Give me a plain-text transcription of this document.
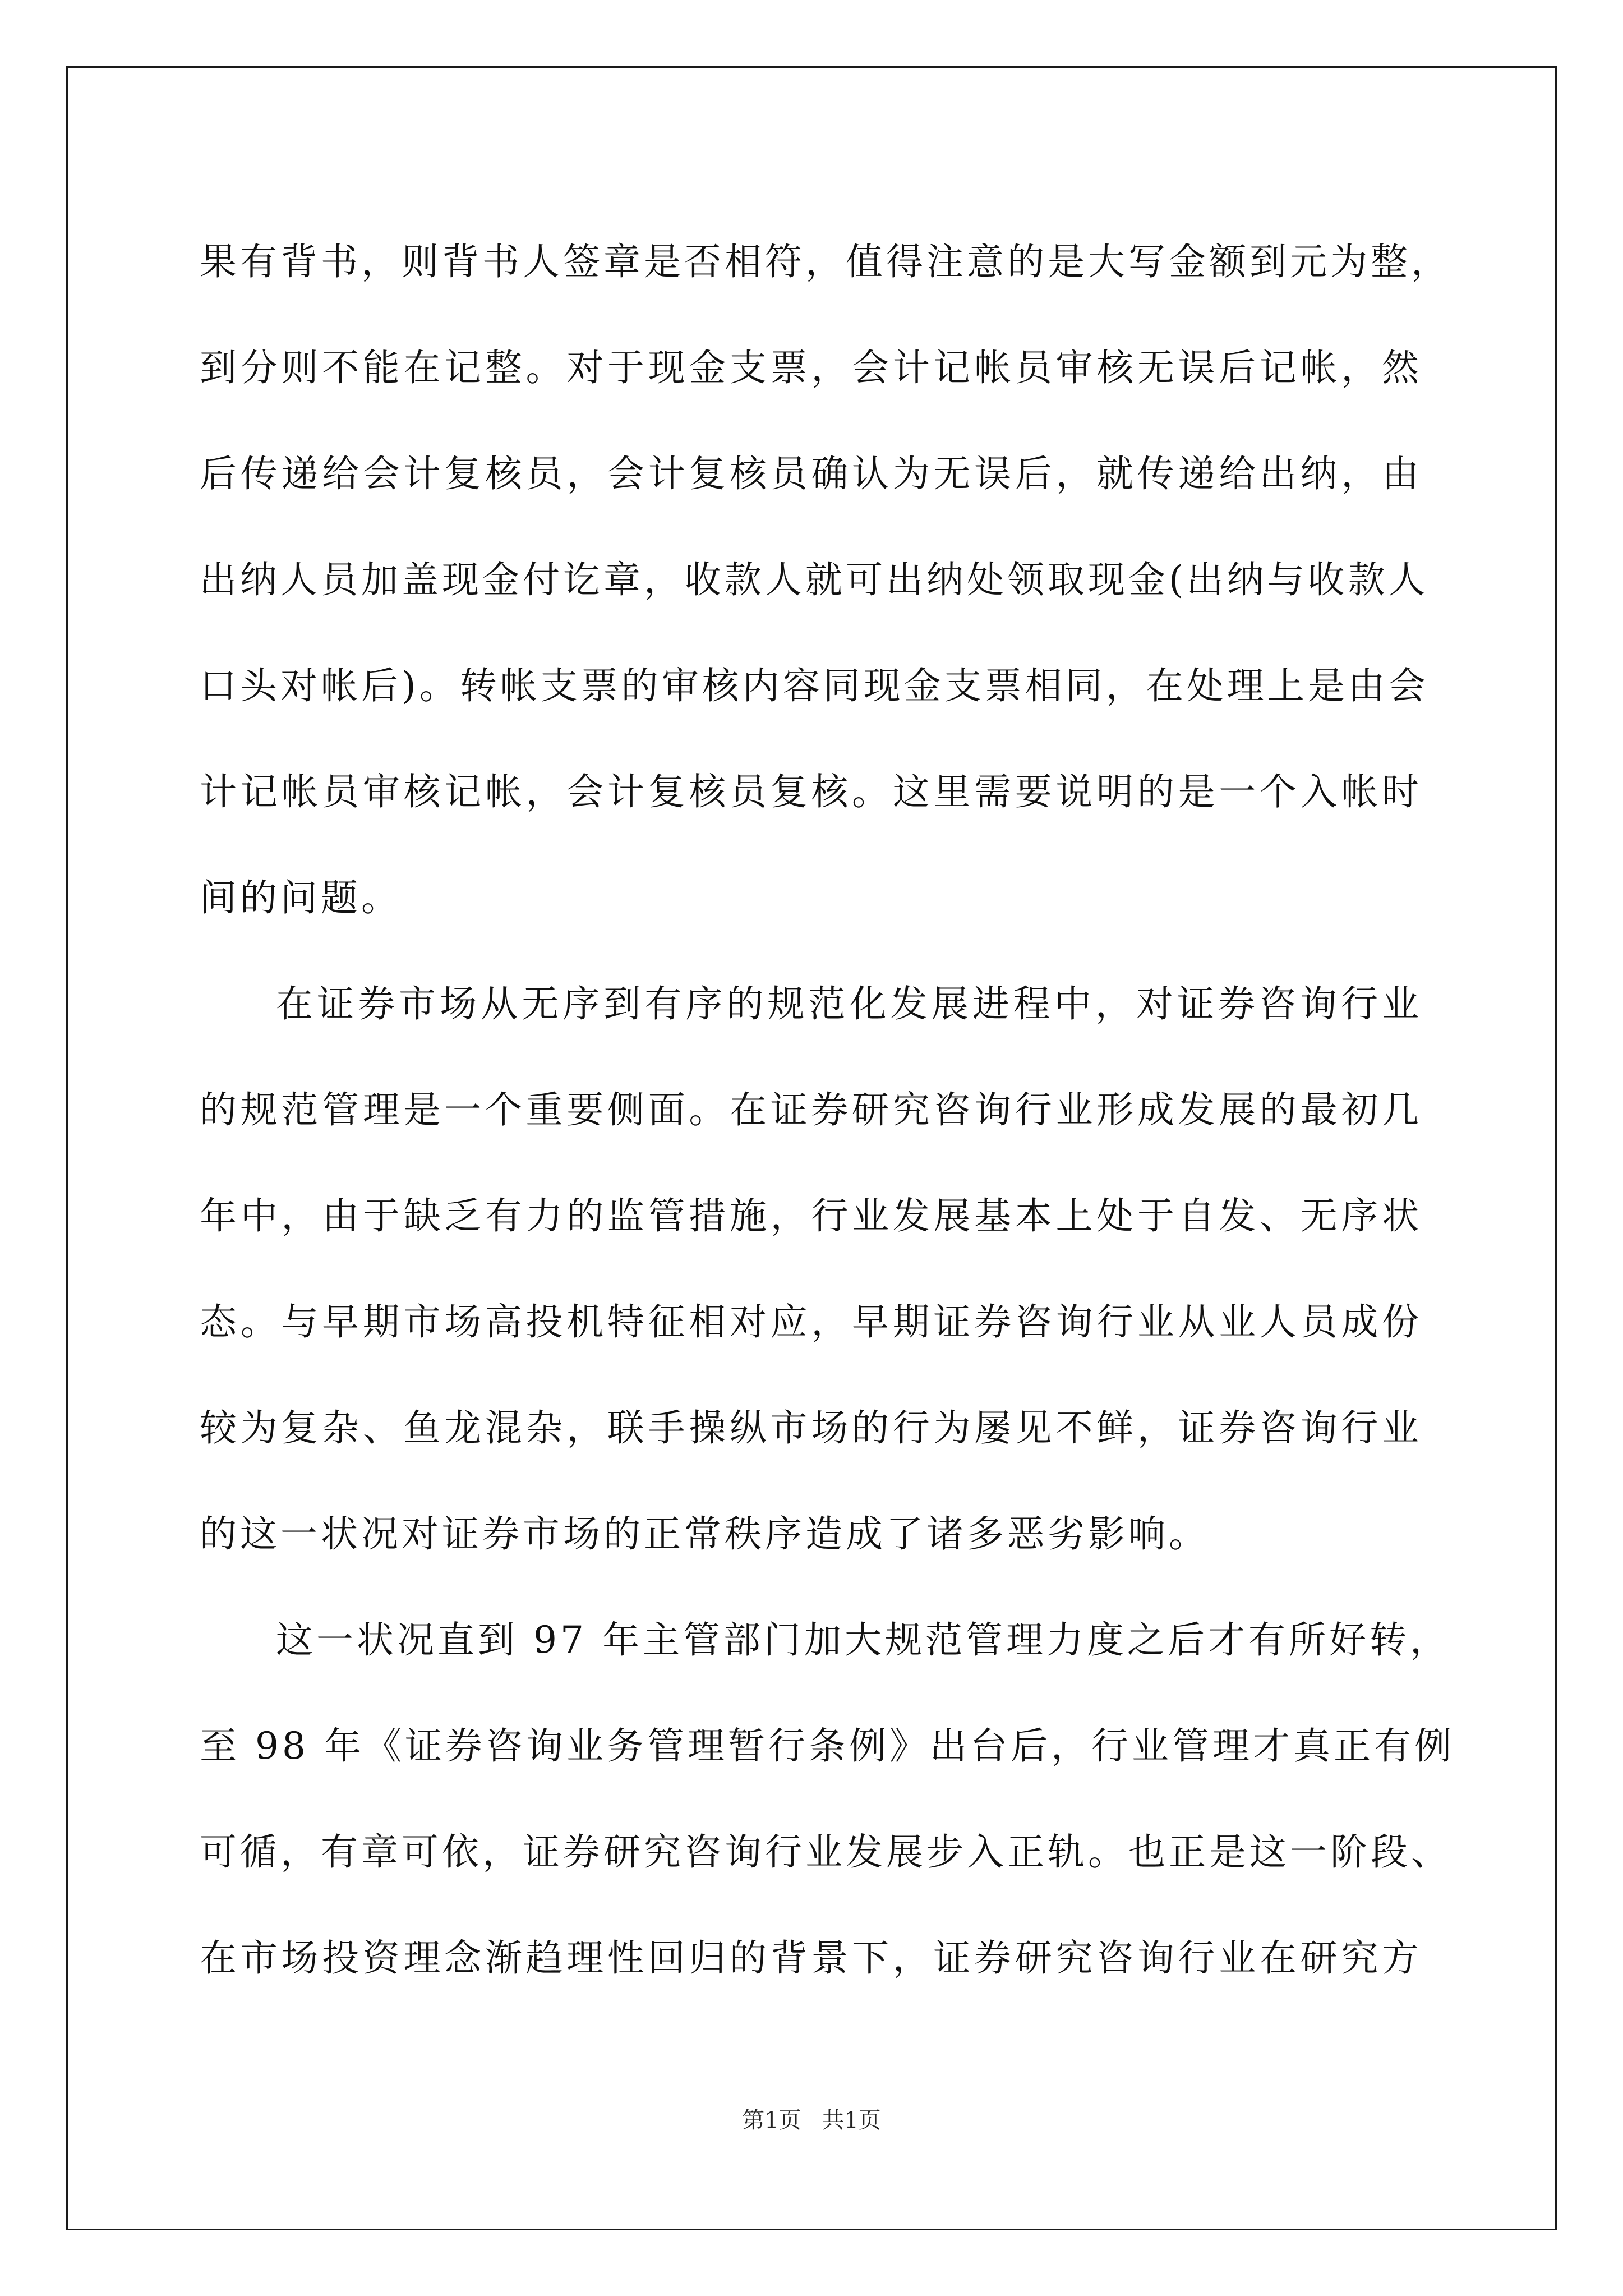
果有背书，则背书人签章是否相符，值得注意的是大写金额到元为整，
到分则不能在记整。对于现金支票，会计记帐员审核无误后记帐，然
后传递给会计复核员，会计复核员确认为无误后，就传递给出纳，由
出纳人员加盖现金付讫章，收款人就可出纳处领取现金(出纳与收款人
口头对帐后)。转帐支票的审核内容同现金支票相同，在处理上是由会
计记帐员审核记帐，会计复核员复核。这里需要说明的是一个入帐时
间的问题。
在证券市场从无序到有序的规范化发展进程中，对证券咨询行业
的规范管理是一个重要侧面。在证券研究咨询行业形成发展的最初几
年中，由于缺乏有力的监管措施，行业发展基本上处于自发、无序状
态。与早期市场高投机特征相对应，早期证券咨询行业从业人员成份
较为复杂、鱼龙混杂，联手操纵市场的行为屡见不鲜，证券咨询行业
的这一状况对证券市场的正常秩序造成了诸多恶劣影响。
这一状况直到 97 年主管部门加大规范管理力度之后才有所好转，
至 98 年《证券咨询业务管理暂行条例》出台后，行业管理才真正有例
可循，有章可依，证券研究咨询行业发展步入正轨。也正是这一阶段、
在市场投资理念渐趋理性回归的背景下，证券研究咨询行业在研究方
第1页 共1页
